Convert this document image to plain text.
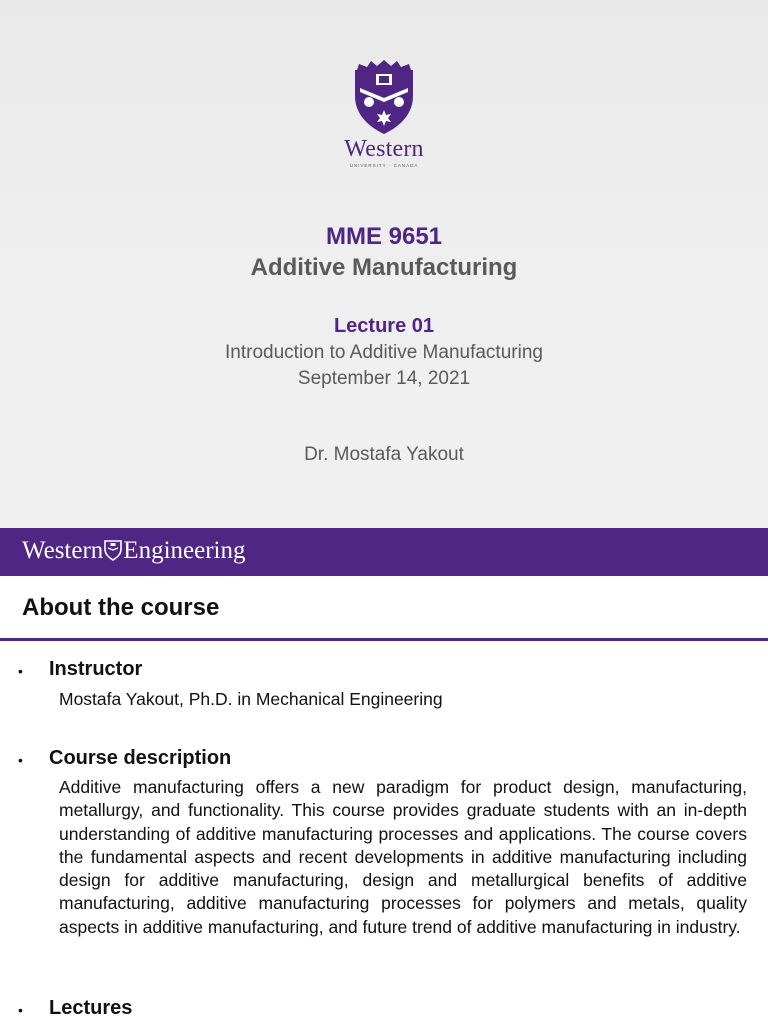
Western
UNIVERSITY · CANADA
MME 9651
Additive Manufacturing
Lecture 01
Introduction to Additive Manufacturing
September 14, 2021
Dr. Mostafa Yakout
Western Engineering
About the course
• Instructor
Mostafa Yakout, Ph.D. in Mechanical Engineering
• Course description
Additive manufacturing offers a new paradigm for product design, manufacturing, metallurgy, and functionality. This course provides graduate students with an in-depth understanding of additive manufacturing processes and applications. The course covers the fundamental aspects and recent developments in additive manufacturing including design for additive manufacturing, design and metallurgical benefits of additive manufacturing, additive manufacturing processes for polymers and metals, quality aspects in additive manufacturing, and future trend of additive manufacturing in industry.
• Lectures
